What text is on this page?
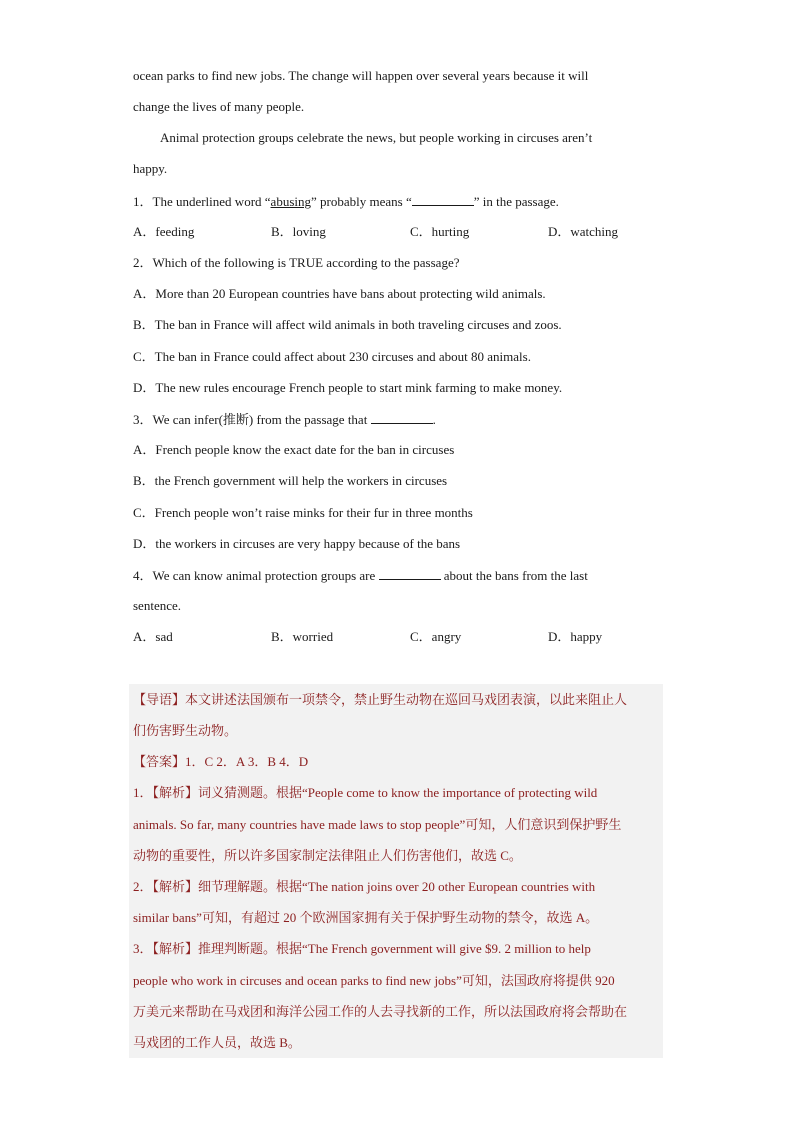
ocean parks to find new jobs. The change will happen over several years because it will
change the lives of many people.
Animal protection groups celebrate the news, but people working in circuses aren’t
happy.
1．The underlined word “abusing” probably means “	” in the passage.
A．feeding	B．loving	C．hurting	D．watching
2．Which of the following is TRUE according to the passage?
A．More than 20 European countries have bans about protecting wild animals.
B．The ban in France will affect wild animals in both traveling circuses and zoos.
C．The ban in France could affect about 230 circuses and about 80 animals.
D．The new rules encourage French people to start mink farming to make money.
3．We can infer(推断) from the passage that	.
A．French people know the exact date for the ban in circuses
B．the French government will help the workers in circuses
C．French people won’t raise minks for their fur in three months
D．the workers in circuses are very happy because of the bans
4．We can know animal protection groups are	about the bans from the last
sentence.
A．sad	B．worried	C．angry	D．happy
【导语】本文讲述法国颁布一项禁令，禁止野生动物在巡回马戏团表演，以此来阻止人
们伤害野生动物。
【答案】1．C 2．A 3．B 4．D
1．【解析】词义猜测题。根据“People come to know the importance of protecting wild
animals. So far, many countries have made laws to stop people”可知，人们意识到保护野生
动物的重要性，所以许多国家制定法律阻止人们伤害他们，故选 C。
2．【解析】细节理解题。根据“The nation joins over 20 other European countries with
similar bans”可知，有超过 20 个欧洲国家拥有关于保护野生动物的禁令，故选 A。
3．【解析】推理判断题。根据“The French government will give $9. 2 million to help
people who work in circuses and ocean parks to find new jobs”可知，法国政府将提供 920
万美元来帮助在马戏团和海洋公园工作的人去寻找新的工作，所以法国政府将会帮助在
马戏团的工作人员，故选 B。
